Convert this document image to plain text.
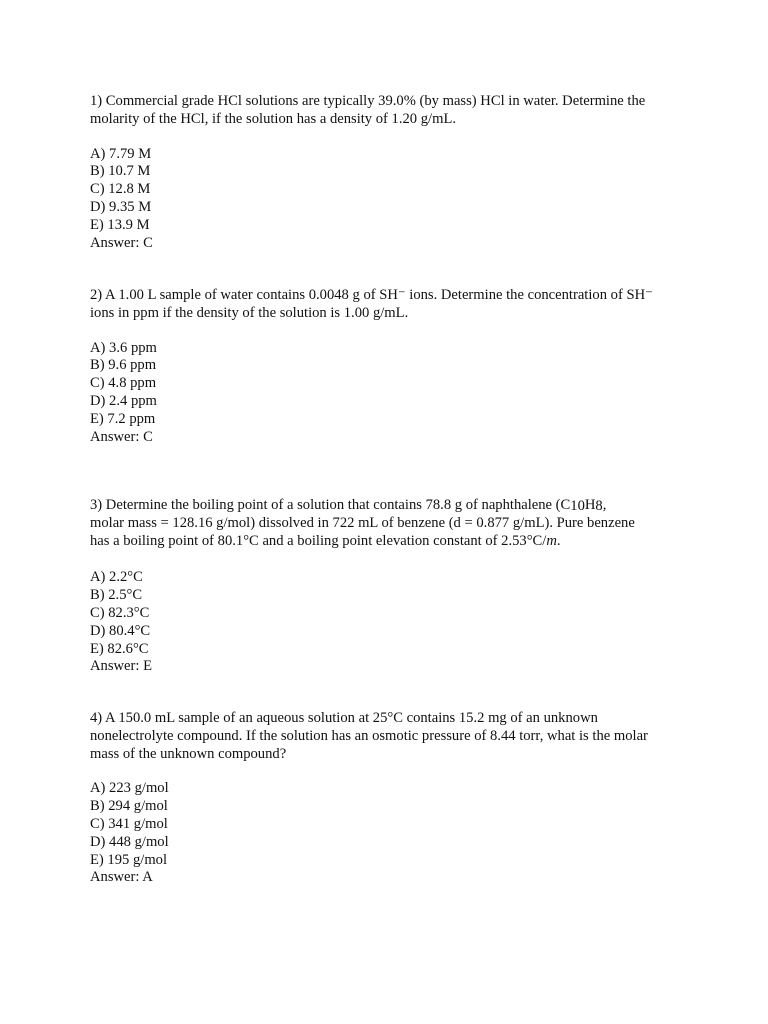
1) Commercial grade HCl solutions are typically 39.0% (by mass) HCl in water. Determine the

molarity of the HCl, if the solution has a density of 1.20 g/mL.

A) 7.79 M

B) 10.7 M

C) 12.8 M

D) 9.35 M

E) 13.9 M

Answer: C

2) A 1.00 L sample of water contains 0.0048 g of SH⁻ ions. Determine the concentration of SH⁻

ions in ppm if the density of the solution is 1.00 g/mL.

A) 3.6 ppm

B) 9.6 ppm

C) 4.8 ppm

D) 2.4 ppm

E) 7.2 ppm

Answer: C

3) Determine the boiling point of a solution that contains 78.8 g of naphthalene ($C_{10}H_8$,

molar mass = 128.16 g/mol) dissolved in 722 mL of benzene (d = 0.877 g/mL). Pure benzene

has a boiling point of 80.1°C and a boiling point elevation constant of 2.53°C/m.

A) 2.2°C

B) 2.5°C

C) 82.3°C

D) 80.4°C

E) 82.6°C

Answer: E

4) A 150.0 mL sample of an aqueous solution at 25°C contains 15.2 mg of an unknown

nonelectrolyte compound. If the solution has an osmotic pressure of 8.44 torr, what is the molar

mass of the unknown compound?

A) 223 g/mol

B) 294 g/mol

C) 341 g/mol

D) 448 g/mol

E) 195 g/mol

Answer: A
